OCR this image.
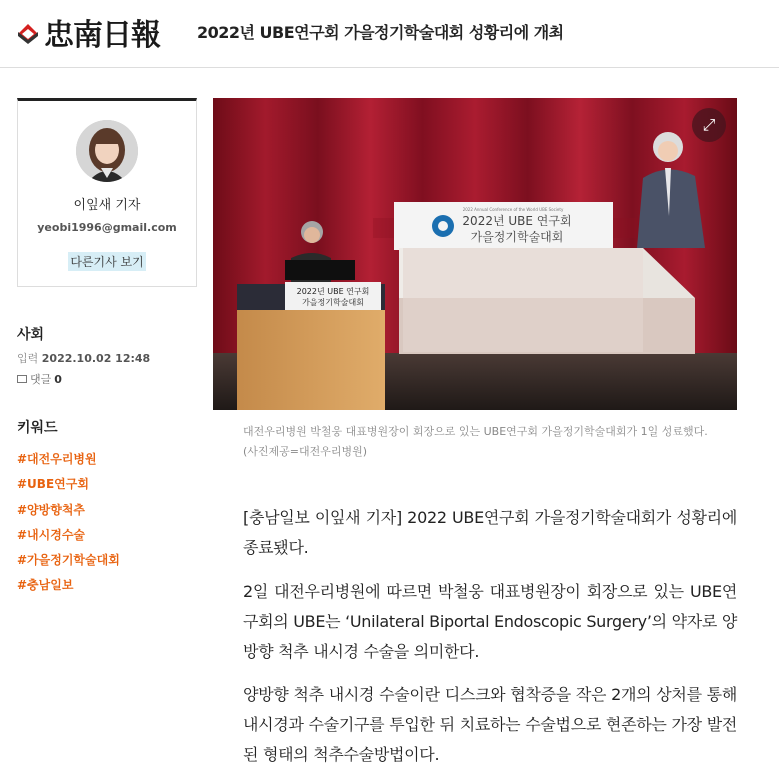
忠南日報 2022년 UBE연구회 가을정기학술대회 성황리에 개최
이잎새 기자
yeobi1996@gmail.com
다른기사 보기
사회
입력 2022.10.02 12:48
댓글 0
키워드
#대전우리병원
#UBE연구회
#양방향척추
#내시경수술
#가을정기학술대회
#충남일보
2022년 UBE 연구회
가을정기학술대회
2022 Annual Conference of the World UBE Society
2022년 UBE 연구회
가을정기학술대회
⤢
대전우리병원 박철웅 대표병원장이 회장으로 있는 UBE연구회 가을정기학술대회가 1일 성료했다. (사진제공=대전우리병원)
[충남일보 이잎새 기자] 2022 UBE연구회 가을정기학술대회가 성황리에 종료됐다.
2일 대전우리병원에 따르면 박철웅 대표병원장이 회장으로 있는 UBE연구회의 UBE는 ‘Unilateral Biportal Endoscopic Surgery’의 약자로 양방향 척추 내시경 수술을 의미한다.
양방향 척추 내시경 수술이란 디스크와 협착증을 작은 2개의 상처를 통해 내시경과 수술기구를 투입한 뒤 치료하는 수술법으로 현존하는 가장 발전된 형태의 척추수술방법이다.
